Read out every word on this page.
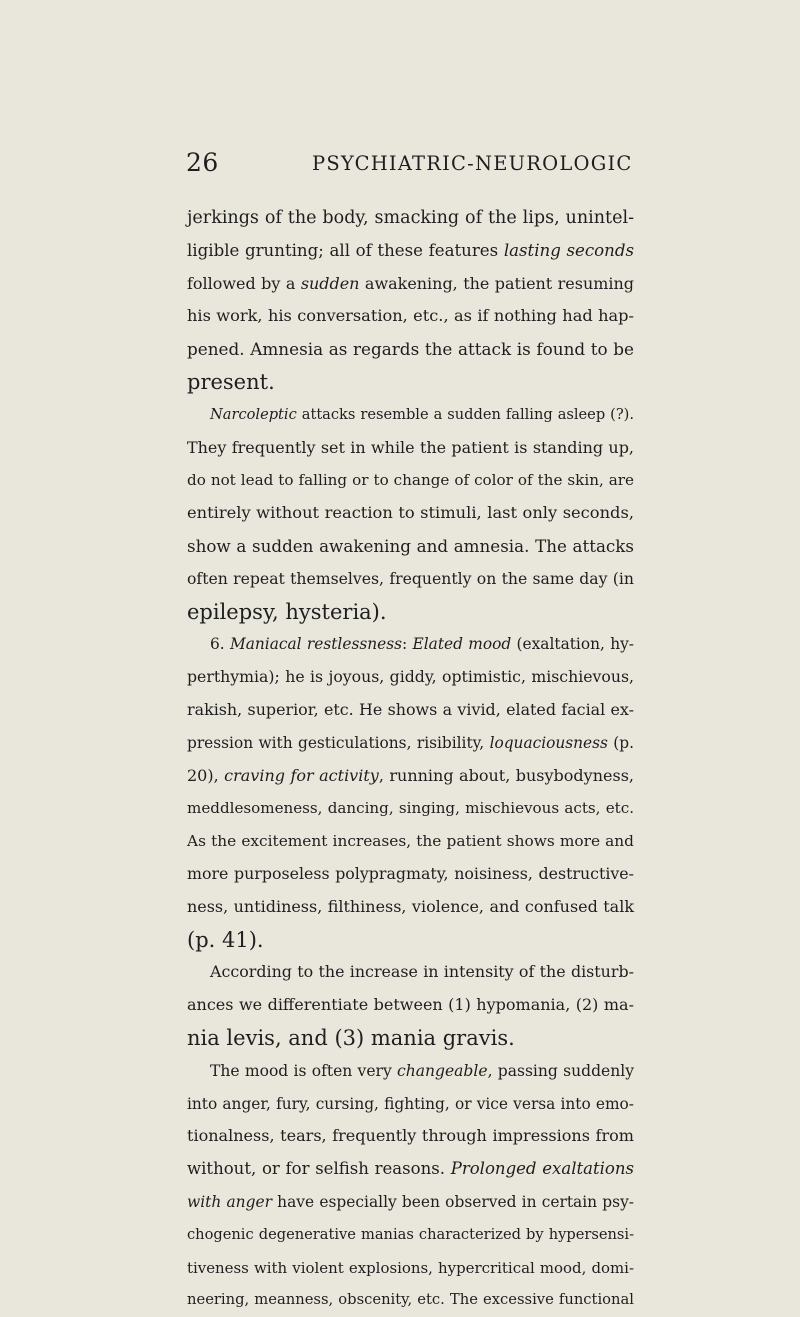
26	PSYCHIATRIC-NEUROLOGIC
jerkings of the body, smacking of the lips, unintel-
ligible grunting; all of these features lasting seconds
followed by a sudden awakening, the patient resuming
his work, his conversation, etc., as if nothing had hap-
pened. Amnesia as regards the attack is found to be
present.
Narcoleptic attacks resemble a sudden falling asleep (?).
They frequently set in while the patient is standing up,
do not lead to falling or to change of color of the skin, are
entirely without reaction to stimuli, last only seconds,
show a sudden awakening and amnesia. The attacks
often repeat themselves, frequently on the same day (in
epilepsy, hysteria).
6. Maniacal restlessness: Elated mood (exaltation, hy-
perthymia); he is joyous, giddy, optimistic, mischievous,
rakish, superior, etc. He shows a vivid, elated facial ex-
pression with gesticulations, risibility, loquaciousness (p.
20), craving for activity, running about, busybodyness,
meddlesomeness, dancing, singing, mischievous acts, etc.
As the excitement increases, the patient shows more and
more purposeless polypragmaty, noisiness, destructive-
ness, untidiness, filthiness, violence, and confused talk
(p. 41).
According to the increase in intensity of the disturb-
ances we differentiate between (1) hypomania, (2) ma-
nia levis, and (3) mania gravis.
The mood is often very changeable, passing suddenly
into anger, fury, cursing, fighting, or vice versa into emo-
tionalness, tears, frequently through impressions from
without, or for selfish reasons. Prolonged exaltations
with anger have especially been observed in certain psy-
chogenic degenerative manias characterized by hypersensi-
tiveness with violent explosions, hypercritical mood, domi-
neering, meanness, obscenity, etc. The excessive functional
